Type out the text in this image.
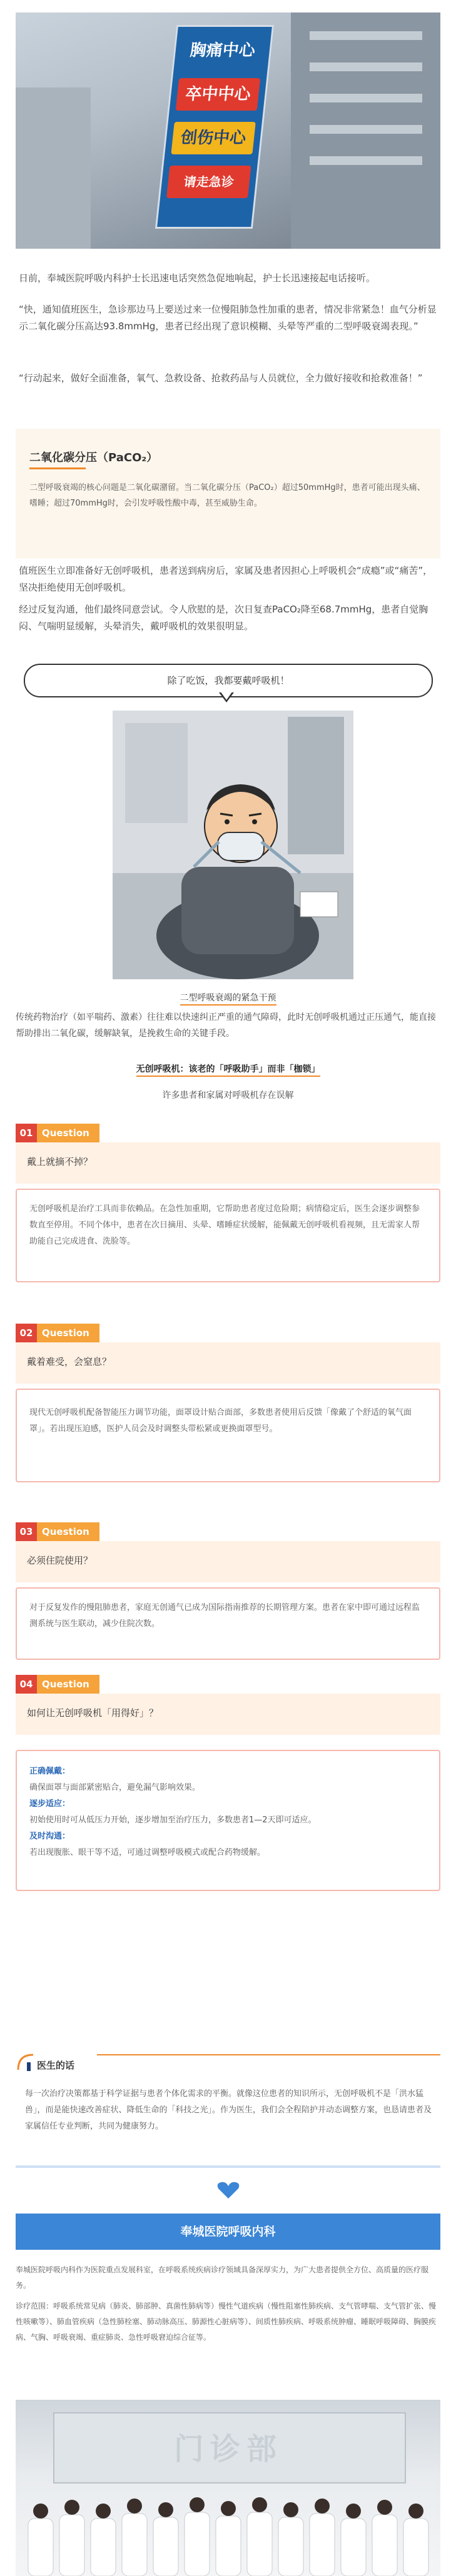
胸痛中心
卒中中心
创伤中心
请走急诊

日前，奉城医院呼吸内科护士长迅速电话突然急促地响起，护士长迅速接起电话接听。

“快，通知值班医生，急诊那边马上要送过来一位慢阻肺急性加重的患者，情况非常紧急！血气分析显示二氧化碳分压高达93.8mmHg，患者已经出现了意识模糊、头晕等严重的二型呼吸衰竭表现。”

“行动起来，做好全面准备，氧气、急救设备、抢救药品与人员就位，全力做好接收和抢救准备！”

二氧化碳分压（PaCO₂）
二型呼吸衰竭的核心问题是二氧化碳潴留。当二氧化碳分压（PaCO₂）超过50mmHg时，患者可能出现头痛、嗜睡；超过70mmHg时，会引发呼吸性酸中毒，甚至威胁生命。

值班医生立即准备好无创呼吸机，患者送到病房后，家属及患者因担心上呼吸机会“成瘾”或“痛苦”，坚决拒绝使用无创呼吸机。

经过反复沟通，他们最终同意尝试。令人欣慰的是，次日复查PaCO₂降至68.7mmHg，患者自觉胸闷、气喘明显缓解，头晕消失，戴呼吸机的效果很明显。

除了吃饭，我都要戴呼吸机！
二型呼吸衰竭的紧急干预

传统药物治疗（如平喘药、激素）往往难以快速纠正严重的通气障碍，此时无创呼吸机通过正压通气，能直接帮助排出二氧化碳，缓解缺氧，是挽救生命的关键手段。

无创呼吸机：该老的「呼吸助手」而非「枷锁」
许多患者和家属对呼吸机存在误解
01 Question
戴上就摘不掉？
无创呼吸机是治疗工具而非依赖品。在急性加重期，它帮助患者度过危险期；病情稳定后，医生会逐步调整参数直至停用。不同个体中，患者在次日摘用、头晕、嗜睡症状缓解，能佩戴无创呼吸机看视频，且无需家人帮助能自己完成进食、洗脸等。
02 Question
戴着难受，会窒息？
现代无创呼吸机配备智能压力调节功能，面罩设计贴合面部，多数患者使用后反馈「像戴了个舒适的氧气面罩」。若出现压迫感，医护人员会及时调整头带松紧或更换面罩型号。
03 Question
必须住院使用？
对于反复发作的慢阻肺患者，家庭无创通气已成为国际指南推荐的长期管理方案。患者在家中即可通过远程监测系统与医生联动，减少住院次数。
04 Question
如何让无创呼吸机「用得好」？
正确佩戴：
确保面罩与面部紧密贴合，避免漏气影响效果。
逐步适应：
初始使用时可从低压力开始，逐步增加至治疗压力，多数患者1—2天即可适应。
及时沟通：
若出现腹胀、眼干等不适，可通过调整呼吸模式或配合药物缓解。
医生的话
每一次治疗决策都基于科学证据与患者个体化需求的平衡。就像这位患者的知识所示，无创呼吸机不是「洪水猛兽」，而是能快速改善症状、降低生命的「科技之光」。作为医生，我们会全程陪护并动态调整方案，也恳请患者及家属信任专业判断，共同为健康努力。
奉城医院呼吸内科
奉城医院呼吸内科作为医院重点发展科室，在呼吸系统疾病诊疗领域具备深厚实力，为广大患者提供全方位、高质量的医疗服务。
诊疗范围：呼吸系统常见病（肺炎、肺部肿、真菌性肺病等）慢性气道疾病（慢性阻塞性肺疾病、支气管哮喘、支气管扩张、慢性咳嗽等）、肺血管疾病（急性肺栓塞、肺动脉高压、肺源性心脏病等）、间质性肺疾病、呼吸系统肿瘤、睡眠呼吸障碍、胸膜疾病、气胸、呼吸衰竭、重症肺炎、急性呼吸窘迫综合征等。
门诊部
